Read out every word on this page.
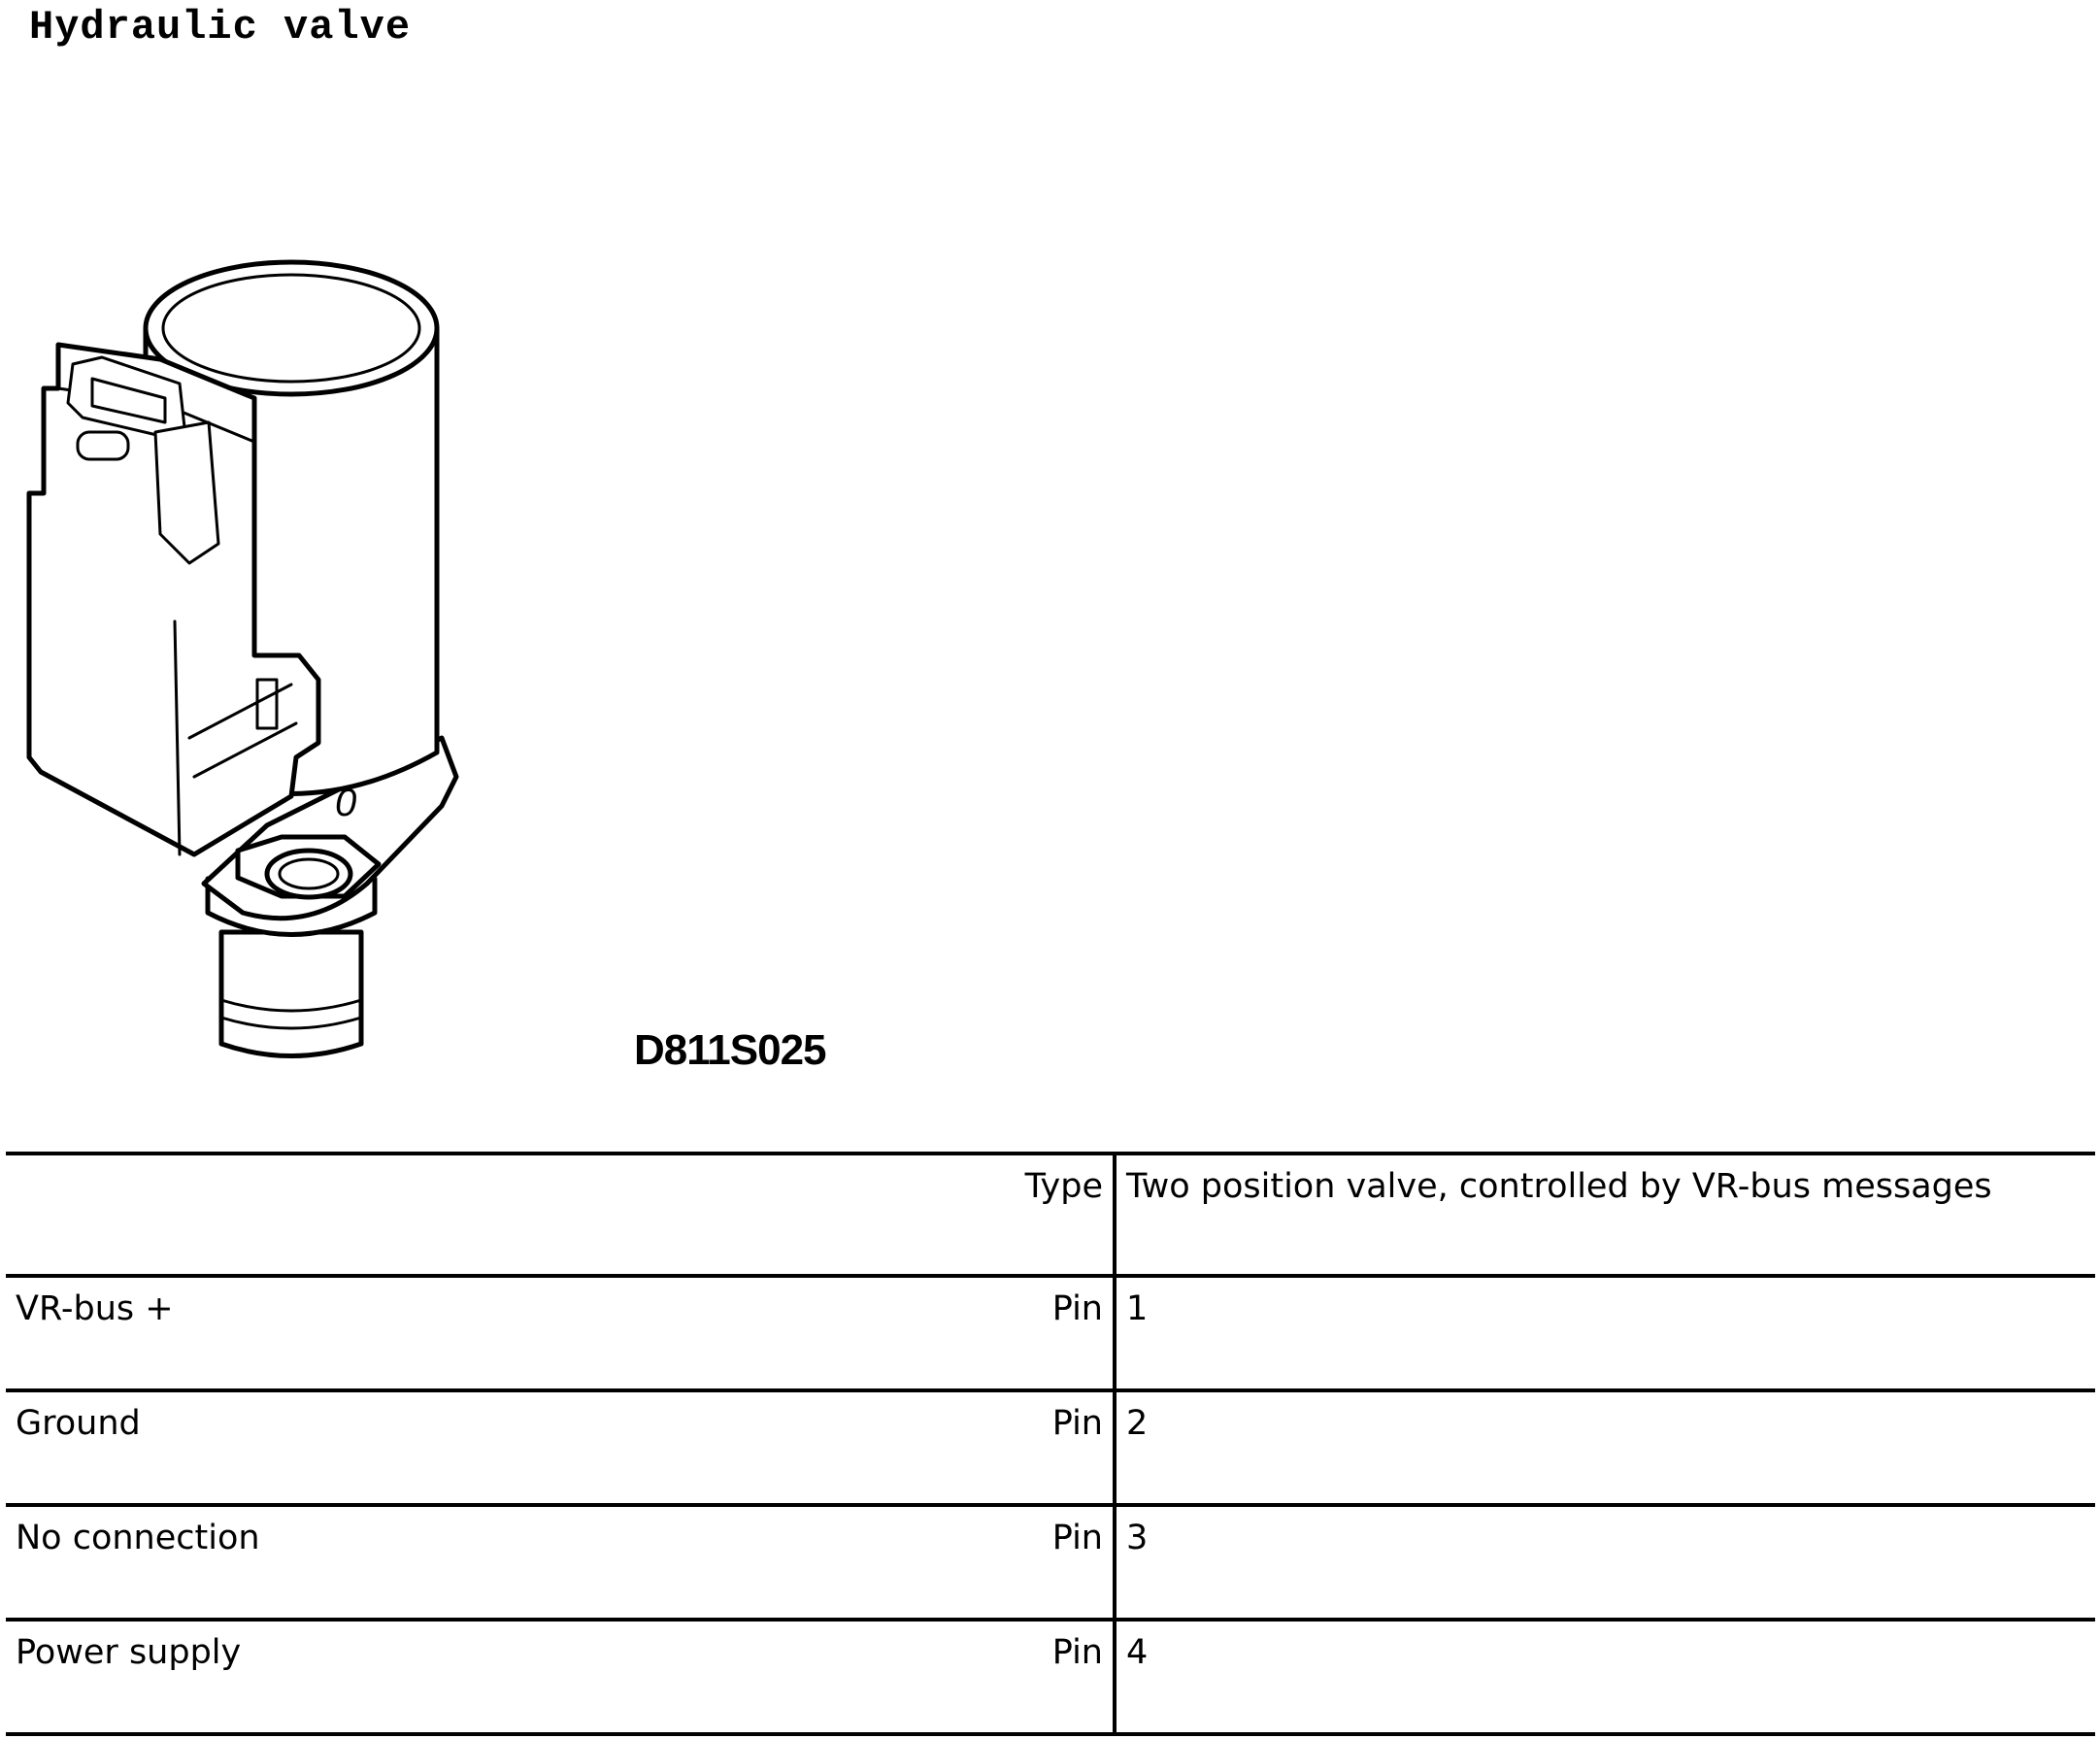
Hydraulic valve
0
D811S025
	Type	Two position valve, controlled by VR-bus messages
VR-bus +	Pin	1
Ground	Pin	2
No connection	Pin	3
Power supply	Pin	4
